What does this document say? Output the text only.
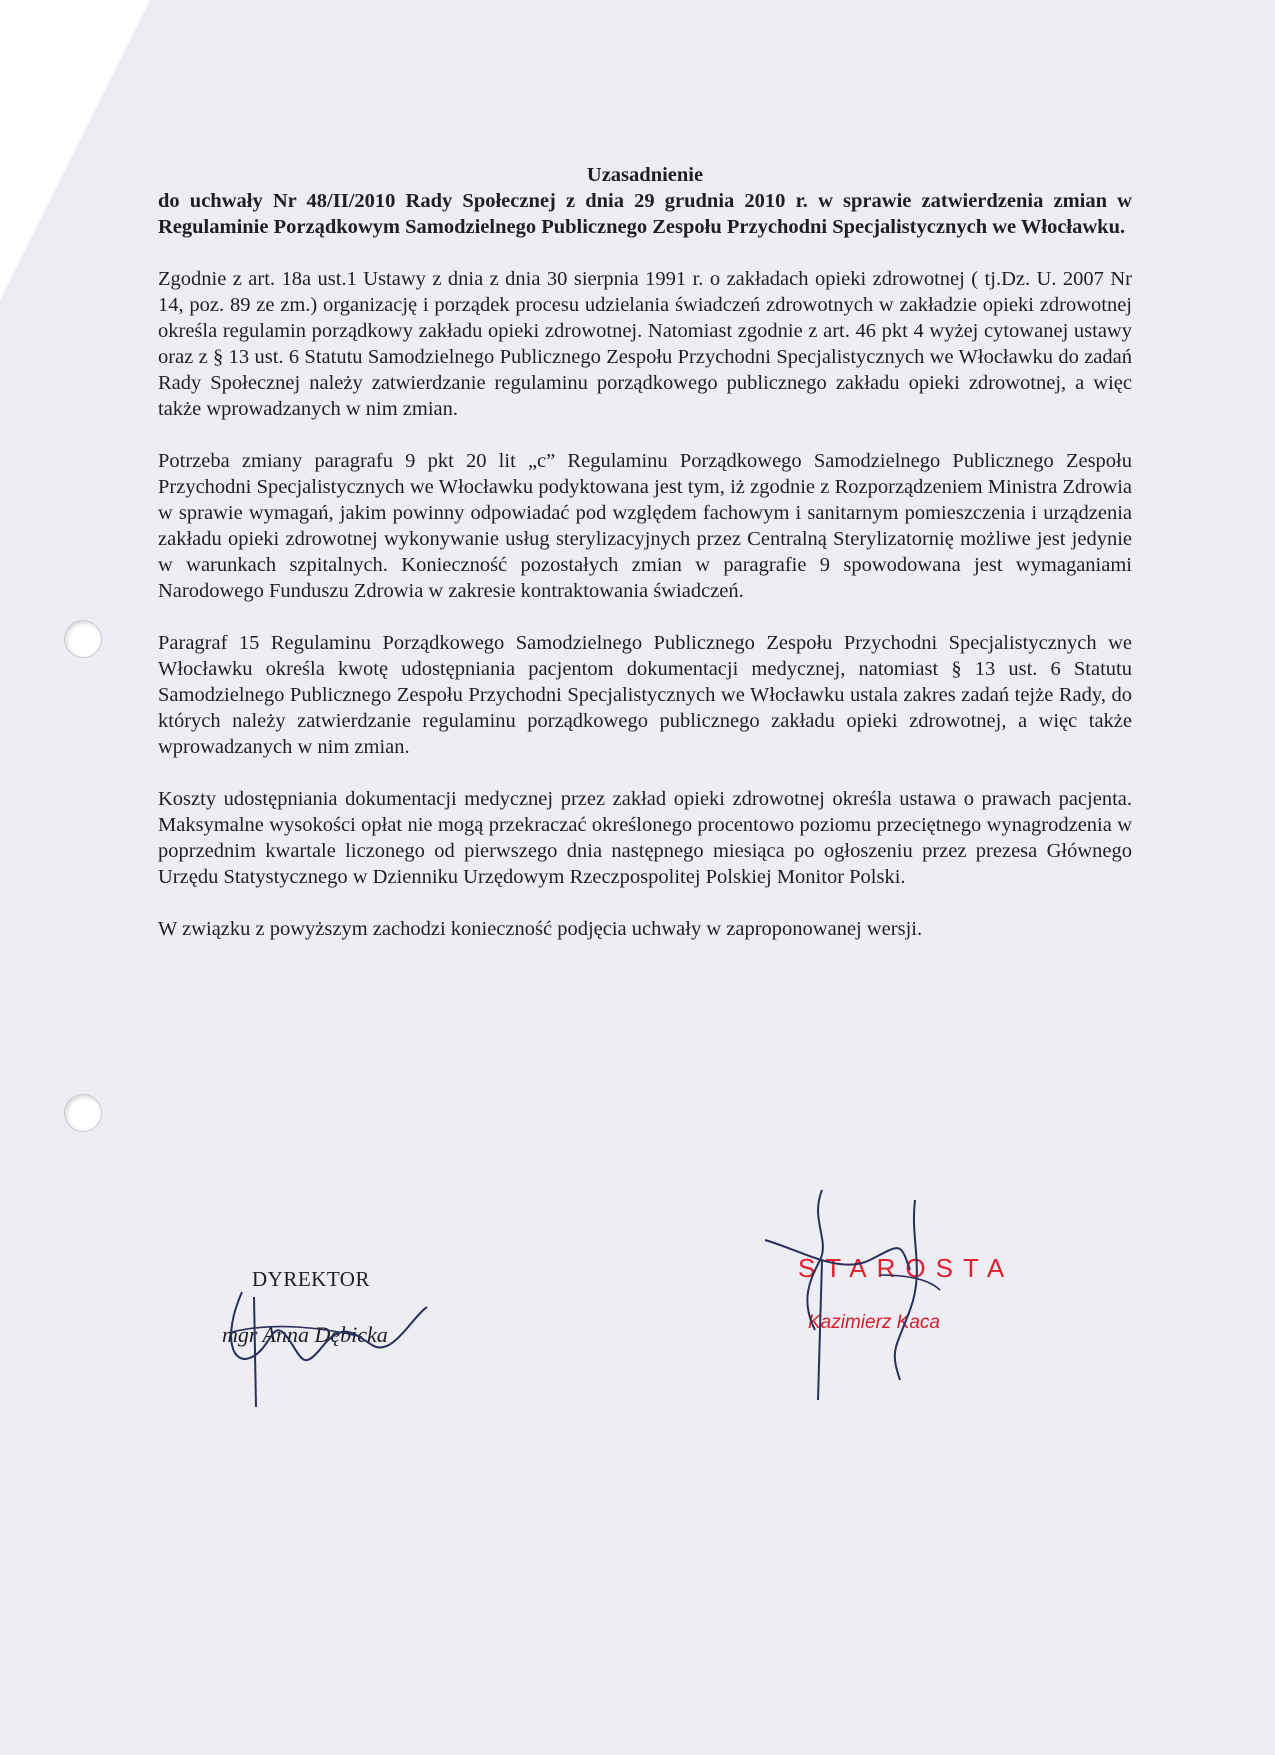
Uzasadnienie
do uchwały Nr 48/II/2010 Rady Społecznej z dnia 29 grudnia 2010 r. w sprawie zatwierdzenia zmian w Regulaminie Porządkowym Samodzielnego Publicznego Zespołu Przychodni Specjalistycznych we Włocławku.

Zgodnie z art. 18a ust.1 Ustawy z dnia z dnia 30 sierpnia 1991 r. o zakładach opieki zdrowotnej ( tj.Dz. U. 2007 Nr 14, poz. 89 ze zm.) organizację i porządek procesu udzielania świadczeń zdrowotnych w zakładzie opieki zdrowotnej określa regulamin porządkowy zakładu opieki zdrowotnej. Natomiast zgodnie z art. 46 pkt 4 wyżej cytowanej ustawy oraz z § 13 ust. 6 Statutu Samodzielnego Publicznego Zespołu Przychodni Specjalistycznych we Włocławku do zadań Rady Społecznej należy zatwierdzanie regulaminu porządkowego publicznego zakładu opieki zdrowotnej, a więc także wprowadzanych w nim zmian.

Potrzeba zmiany paragrafu 9 pkt 20 lit „c” Regulaminu Porządkowego Samodzielnego Publicznego Zespołu Przychodni Specjalistycznych we Włocławku podyktowana jest tym, iż zgodnie z Rozporządzeniem Ministra Zdrowia w sprawie wymagań, jakim powinny odpowiadać pod względem fachowym i sanitarnym pomieszczenia i urządzenia zakładu opieki zdrowotnej wykonywanie usług sterylizacyjnych przez Centralną Sterylizatornię możliwe jest jedynie w warunkach szpitalnych. Konieczność pozostałych zmian w paragrafie 9 spowodowana jest wymaganiami Narodowego Funduszu Zdrowia w zakresie kontraktowania świadczeń.

Paragraf 15 Regulaminu Porządkowego Samodzielnego Publicznego Zespołu Przychodni Specjalistycznych we Włocławku określa kwotę udostępniania pacjentom dokumentacji medycznej, natomiast § 13 ust. 6 Statutu Samodzielnego Publicznego Zespołu Przychodni Specjalistycznych we Włocławku ustala zakres zadań tejże Rady, do których należy zatwierdzanie regulaminu porządkowego publicznego zakładu opieki zdrowotnej, a więc także wprowadzanych w nim zmian.

Koszty udostępniania dokumentacji medycznej przez zakład opieki zdrowotnej określa ustawa o prawach pacjenta. Maksymalne wysokości opłat nie mogą przekraczać określonego procentowo poziomu przeciętnego wynagrodzenia w poprzednim kwartale liczonego od pierwszego dnia następnego miesiąca po ogłoszeniu przez prezesa Głównego Urzędu Statystycznego w Dzienniku Urzędowym Rzeczpospolitej Polskiej Monitor Polski.

W związku z powyższym zachodzi konieczność podjęcia uchwały w zaproponowanej wersji.

DYREKTOR
mgr Anna Dębicka
STAROSTA
Kazimierz Kaca
